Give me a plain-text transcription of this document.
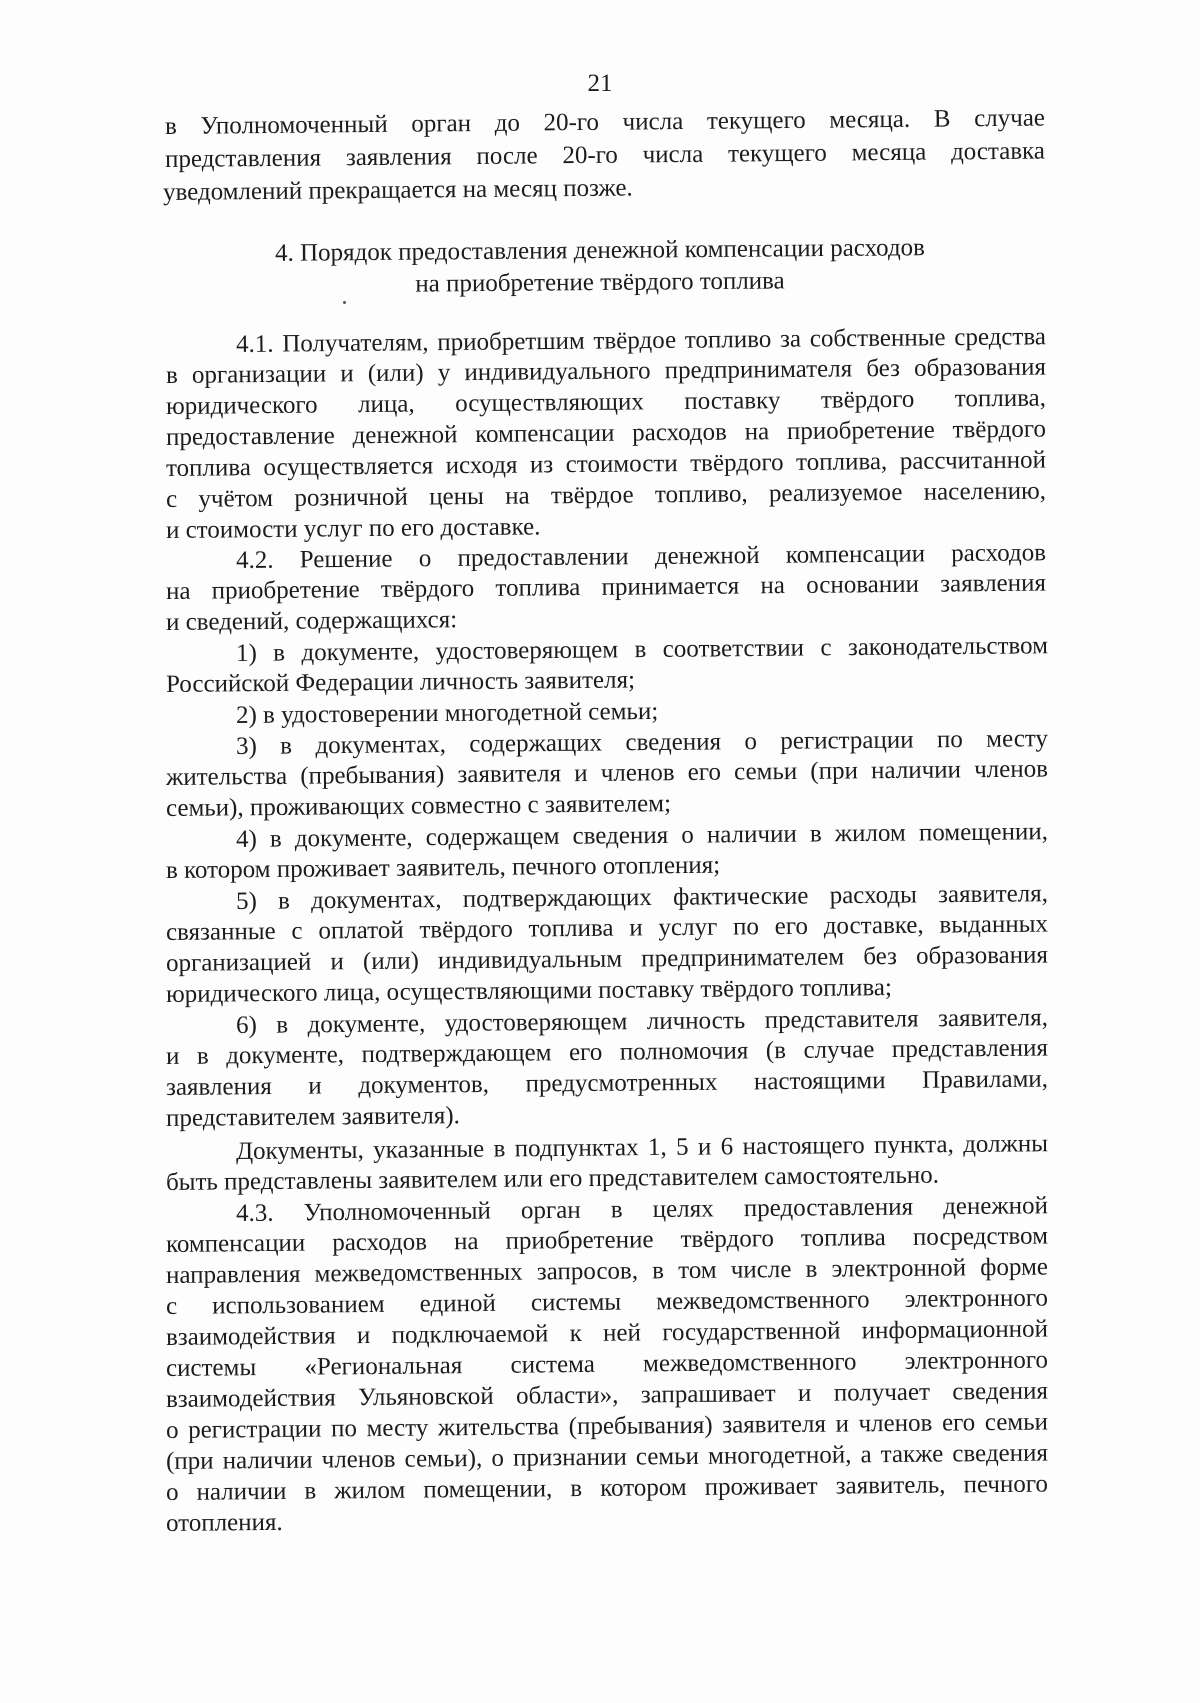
21
в Уполномоченный орган до 20-го числа текущего месяца. В случае
представления заявления после 20-го числа текущего месяца доставка
уведомлений прекращается на месяц позже.
4. Порядок предоставления денежной компенсации расходов
на приобретение твёрдого топлива
4.1. Получателям, приобретшим твёрдое топливо за собственные средства
в организации и (или) у индивидуального предпринимателя без образования
юридического лица, осуществляющих поставку твёрдого топлива,
предоставление денежной компенсации расходов на приобретение твёрдого
топлива осуществляется исходя из стоимости твёрдого топлива, рассчитанной
с учётом розничной цены на твёрдое топливо, реализуемое населению,
и стоимости услуг по его доставке.
4.2. Решение о предоставлении денежной компенсации расходов
на приобретение твёрдого топлива принимается на основании заявления
и сведений, содержащихся:
1) в документе, удостоверяющем в соответствии с законодательством
Российской Федерации личность заявителя;
2) в удостоверении многодетной семьи;
3) в документах, содержащих сведения о регистрации по месту
жительства (пребывания) заявителя и членов его семьи (при наличии членов
семьи), проживающих совместно с заявителем;
4) в документе, содержащем сведения о наличии в жилом помещении,
в котором проживает заявитель, печного отопления;
5) в документах, подтверждающих фактические расходы заявителя,
связанные с оплатой твёрдого топлива и услуг по его доставке, выданных
организацией и (или) индивидуальным предпринимателем без образования
юридического лица, осуществляющими поставку твёрдого топлива;
6) в документе, удостоверяющем личность представителя заявителя,
и в документе, подтверждающем его полномочия (в случае представления
заявления и документов, предусмотренных настоящими Правилами,
представителем заявителя).
Документы, указанные в подпунктах 1, 5 и 6 настоящего пункта, должны
быть представлены заявителем или его представителем самостоятельно.
4.3. Уполномоченный орган в целях предоставления денежной
компенсации расходов на приобретение твёрдого топлива посредством
направления межведомственных запросов, в том числе в электронной форме
с использованием единой системы межведомственного электронного
взаимодействия и подключаемой к ней государственной информационной
системы «Региональная система межведомственного электронного
взаимодействия Ульяновской области», запрашивает и получает сведения
о регистрации по месту жительства (пребывания) заявителя и членов его семьи
(при наличии членов семьи), о признании семьи многодетной, а также сведения
о наличии в жилом помещении, в котором проживает заявитель, печного
отопления.
